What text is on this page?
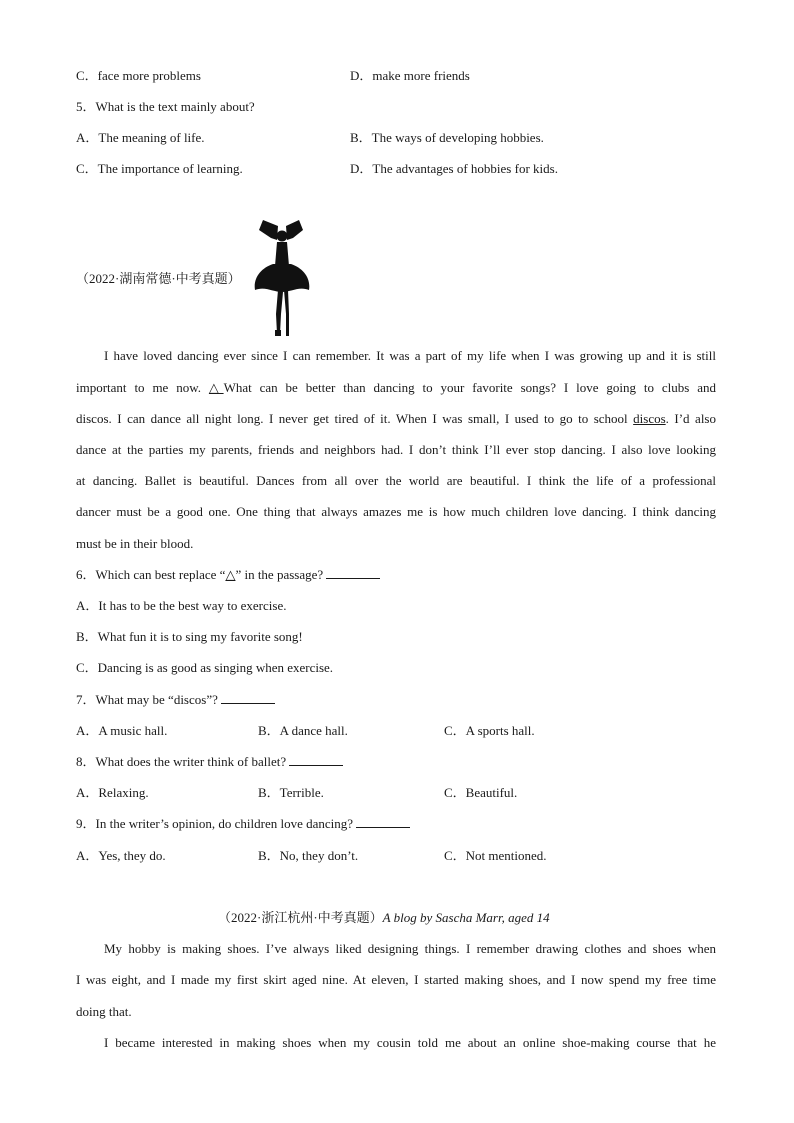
C．face more problems	D．make more friends
5．What is the text mainly about?
A．The meaning of life.	B．The ways of developing hobbies.
C．The importance of learning.	D．The advantages of hobbies for kids.
（2022·湖南常德·中考真题）
I have loved dancing ever since I can remember. It was a part of my life when I was growing up and it is still
important to me now. △What can be better than dancing to your favorite songs? I love going to clubs and
discos. I can dance all night long. I never get tired of it. When I was small, I used to go to school discos. I’d also
dance at the parties my parents, friends and neighbors had. I don’t think I’ll ever stop dancing. I also love looking
at dancing. Ballet is beautiful. Dances from all over the world are beautiful. I think the life of a professional
dancer must be a good one. One thing that always amazes me is how much children love dancing. I think dancing
must be in their blood.
6．Which can best replace “△” in the passage?
A．It has to be the best way to exercise.
B．What fun it is to sing my favorite song!
C．Dancing is as good as singing when exercise.
7．What may be “discos”?
A．A music hall.	B．A dance hall.	C．A sports hall.
8．What does the writer think of ballet?
A．Relaxing.	B．Terrible.	C．Beautiful.
9．In the writer’s opinion, do children love dancing?
A．Yes, they do.	B．No, they don’t.	C．Not mentioned.
（2022·浙江杭州·中考真题）A blog by Sascha Marr, aged 14
My hobby is making shoes. I’ve always liked designing things. I remember drawing clothes and shoes when
I was eight, and I made my first skirt aged nine. At eleven, I started making shoes, and I now spend my free time
doing that.
I became interested in making shoes when my cousin told me about an online shoe-making course that he
